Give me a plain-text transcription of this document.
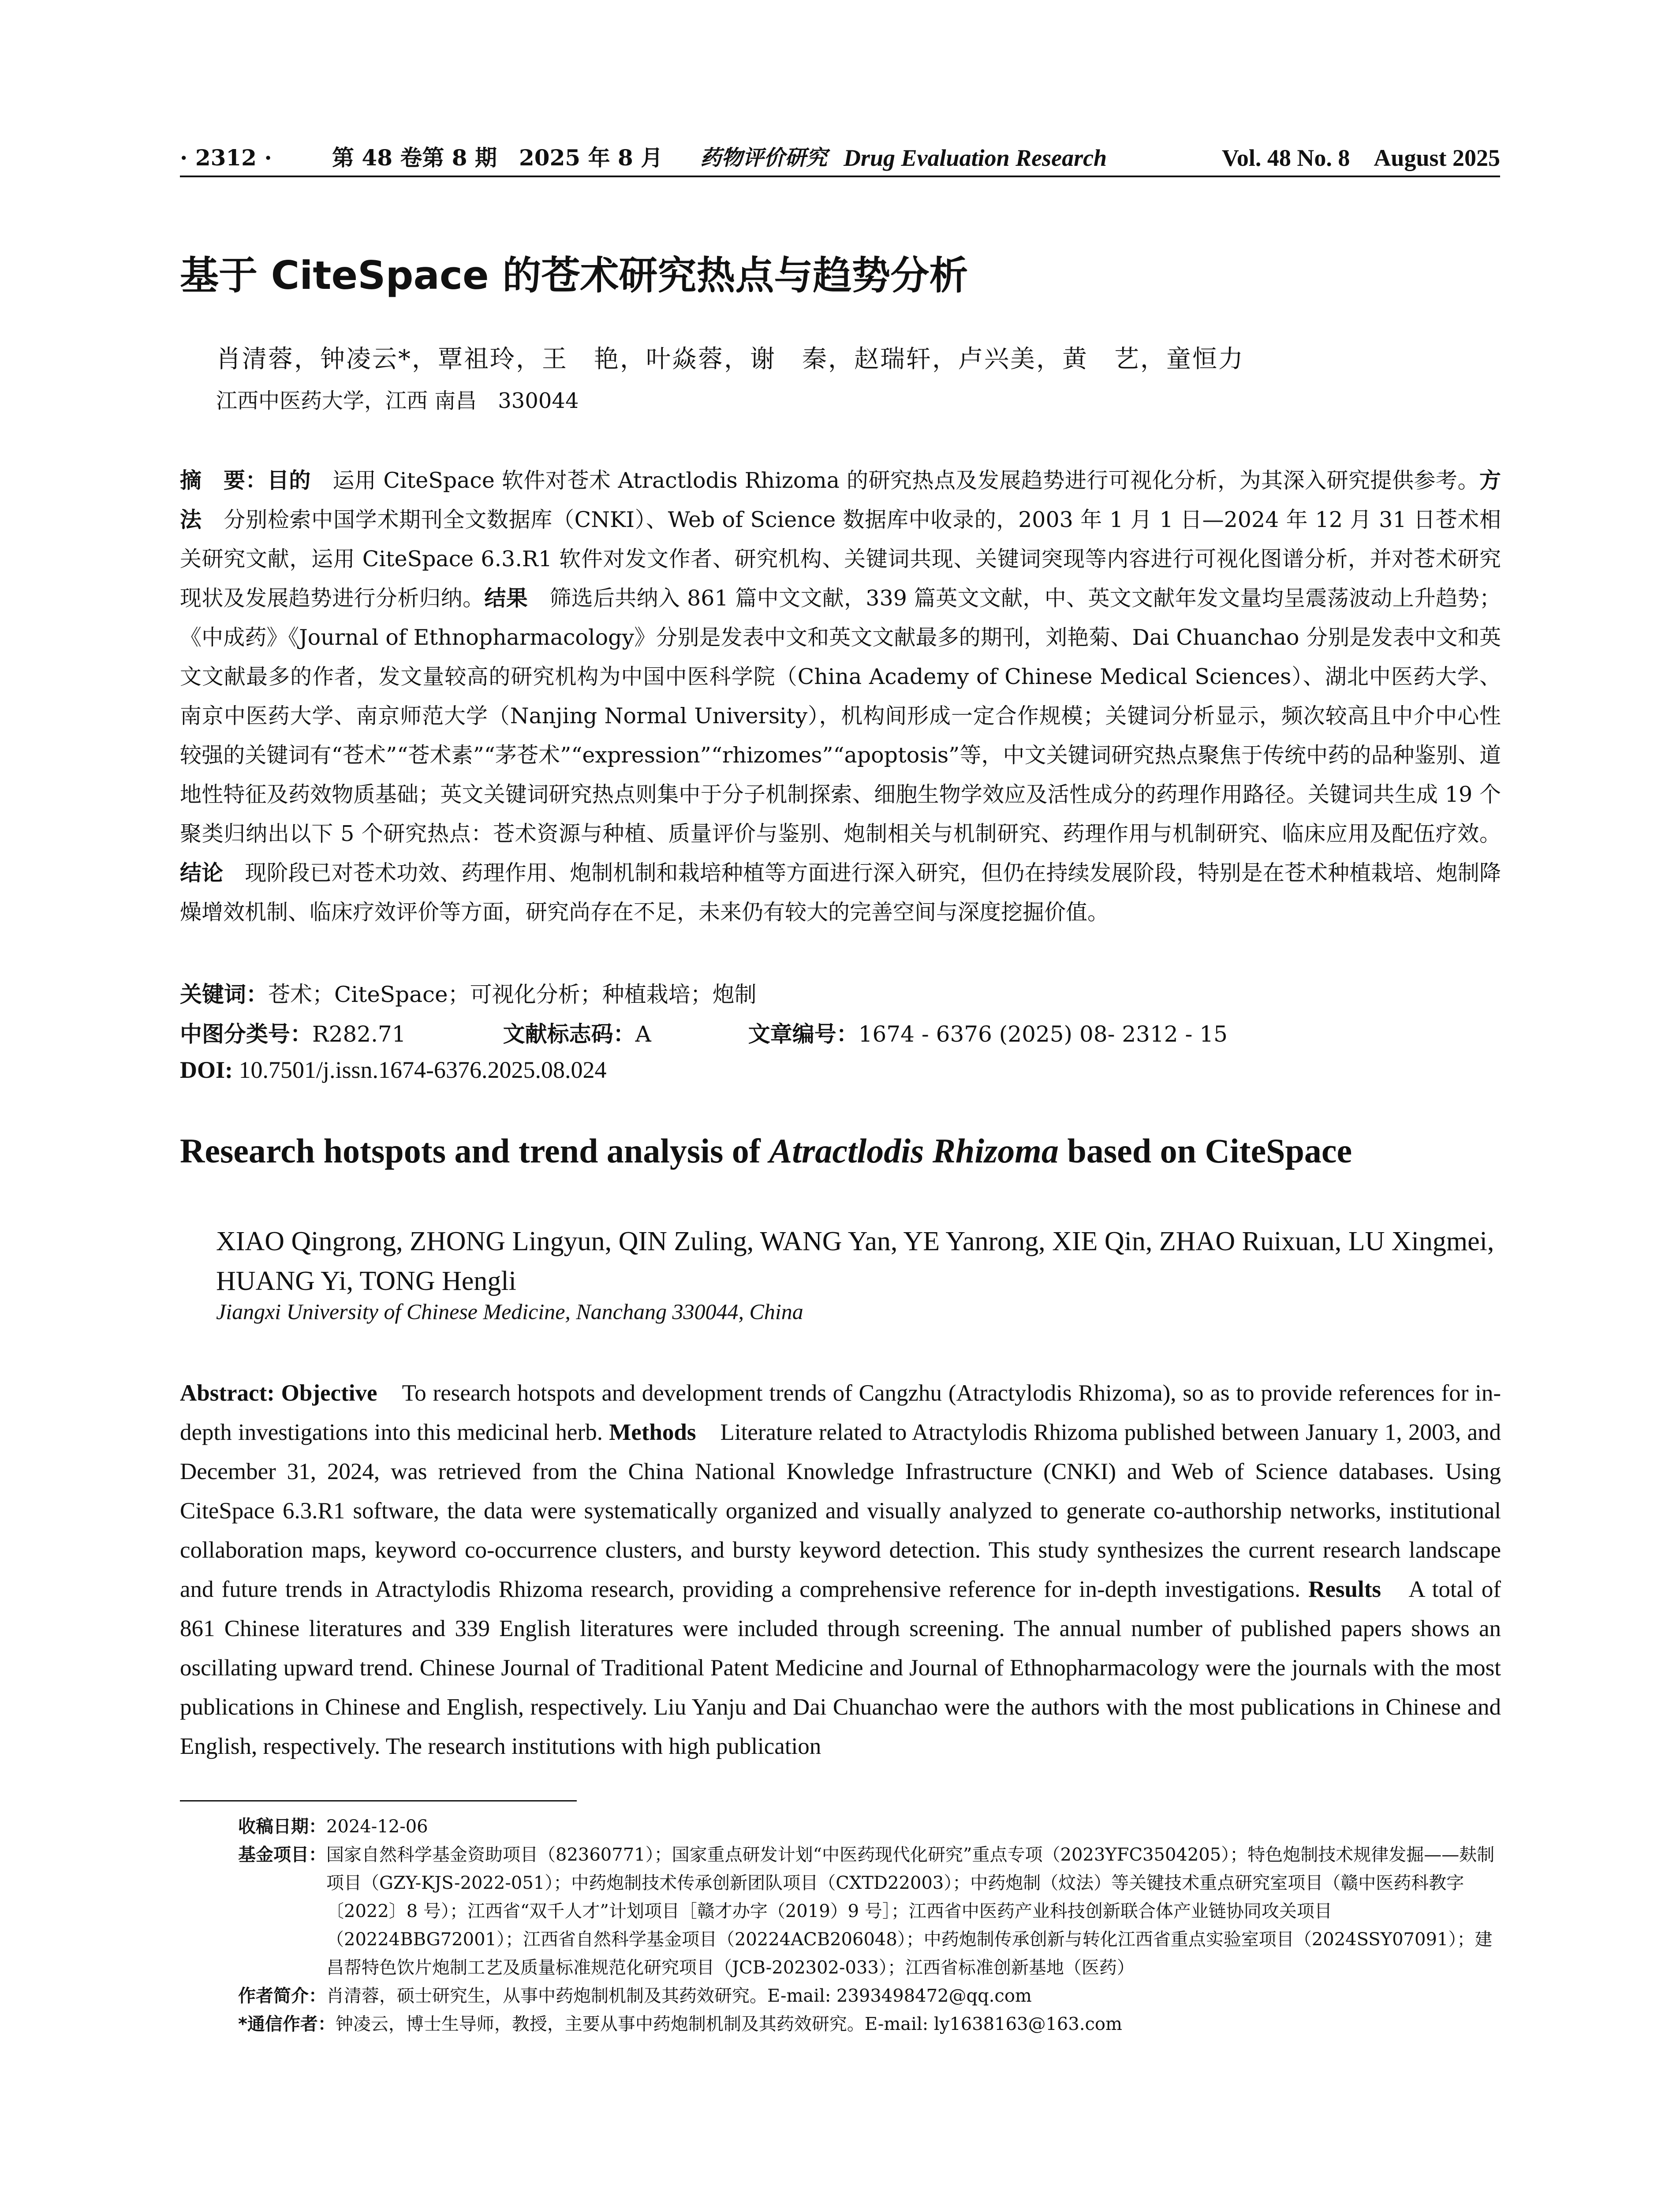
· 2312 ·	第 48 卷第 8 期　2025 年 8 月 药物评价研究 Drug Evaluation Research	Vol. 48 No. 8　August 2025
基于 CiteSpace 的苍术研究热点与趋势分析
肖清蓉，钟凌云*，覃祖玲，王　艳，叶焱蓉，谢　秦，赵瑞轩，卢兴美，黄　艺，童恒力
江西中医药大学，江西 南昌　330044

摘　要：目的　运用 CiteSpace 软件对苍术 Atractlodis Rhizoma 的研究热点及发展趋势进行可视化分析，为其深入研究提供参考。方法　分别检索中国学术期刊全文数据库（CNKI）、Web of Science 数据库中收录的，2003 年 1 月 1 日—2024 年 12 月 31 日苍术相关研究文献，运用 CiteSpace 6.3.R1 软件对发文作者、研究机构、关键词共现、关键词突现等内容进行可视化图谱分析，并对苍术研究现状及发展趋势进行分析归纳。结果　筛选后共纳入 861 篇中文文献，339 篇英文文献，中、英文文献年发文量均呈震荡波动上升趋势；《中成药》《Journal of Ethnopharmacology》分别是发表中文和英文文献最多的期刊，刘艳菊、Dai Chuanchao 分别是发表中文和英文文献最多的作者，发文量较高的研究机构为中国中医科学院（China Academy of Chinese Medical Sciences）、湖北中医药大学、南京中医药大学、南京师范大学（Nanjing Normal University），机构间形成一定合作规模；关键词分析显示，频次较高且中介中心性较强的关键词有“苍术”“苍术素”“茅苍术”“expression”“rhizomes”“apoptosis”等，中文关键词研究热点聚焦于传统中药的品种鉴别、道地性特征及药效物质基础；英文关键词研究热点则集中于分子机制探索、细胞生物学效应及活性成分的药理作用路径。关键词共生成 19 个聚类归纳出以下 5 个研究热点：苍术资源与种植、质量评价与鉴别、炮制相关与机制研究、药理作用与机制研究、临床应用及配伍疗效。结论　现阶段已对苍术功效、药理作用、炮制机制和栽培种植等方面进行深入研究，但仍在持续发展阶段，特别是在苍术种植栽培、炮制降燥增效机制、临床疗效评价等方面，研究尚存在不足，未来仍有较大的完善空间与深度挖掘价值。

关键词：苍术；CiteSpace；可视化分析；种植栽培；炮制
中图分类号：R282.71	文献标志码：A	文章编号：1674 - 6376 (2025) 08- 2312 - 15
DOI: 10.7501/j.issn.1674-6376.2025.08.024
Research hotspots and trend analysis of Atractlodis Rhizoma based on CiteSpace
XIAO Qingrong, ZHONG Lingyun, QIN Zuling, WANG Yan, YE Yanrong, XIE Qin, ZHAO Ruixuan, LU Xingmei, HUANG Yi, TONG Hengli
Jiangxi University of Chinese Medicine, Nanchang 330044, China

Abstract: Objective　To research hotspots and development trends of Cangzhu (Atractylodis Rhizoma), so as to provide references for in-depth investigations into this medicinal herb. Methods　Literature related to Atractylodis Rhizoma published between January 1, 2003, and December 31, 2024, was retrieved from the China National Knowledge Infrastructure (CNKI) and Web of Science databases. Using CiteSpace 6.3.R1 software, the data were systematically organized and visually analyzed to generate co-authorship networks, institutional collaboration maps, keyword co-occurrence clusters, and bursty keyword detection. This study synthesizes the current research landscape and future trends in Atractylodis Rhizoma research, providing a comprehensive reference for in-depth investigations. Results　A total of 861 Chinese literatures and 339 English literatures were included through screening. The annual number of published papers shows an oscillating upward trend. Chinese Journal of Traditional Patent Medicine and Journal of Ethnopharmacology were the journals with the most publications in Chinese and English, respectively. Liu Yanju and Dai Chuanchao were the authors with the most publications in Chinese and English, respectively. The research institutions with high publication

收稿日期： 2024-12-06
基金项目： 国家自然科学基金资助项目（82360771）；国家重点研发计划“中医药现代化研究”重点专项（2023YFC3504205）；特色炮制技术规律发掘——麸制项目（GZY-KJS-2022-051）；中药炮制技术传承创新团队项目（CXTD22003）；中药炮制（炆法）等关键技术重点研究室项目（赣中医药科教字〔2022〕8 号）；江西省“双千人才”计划项目［赣才办字（2019）9 号］；江西省中医药产业科技创新联合体产业链协同攻关项目（20224BBG72001）；江西省自然科学基金项目（20224ACB206048）；中药炮制传承创新与转化江西省重点实验室项目（2024SSY07091）；建昌帮特色饮片炮制工艺及质量标准规范化研究项目（JCB-202302-033）；江西省标准创新基地（医药）
作者简介： 肖清蓉，硕士研究生，从事中药炮制机制及其药效研究。E-mail: 2393498472@qq.com
*通信作者： 钟凌云，博士生导师，教授，主要从事中药炮制机制及其药效研究。E-mail: ly1638163@163.com
